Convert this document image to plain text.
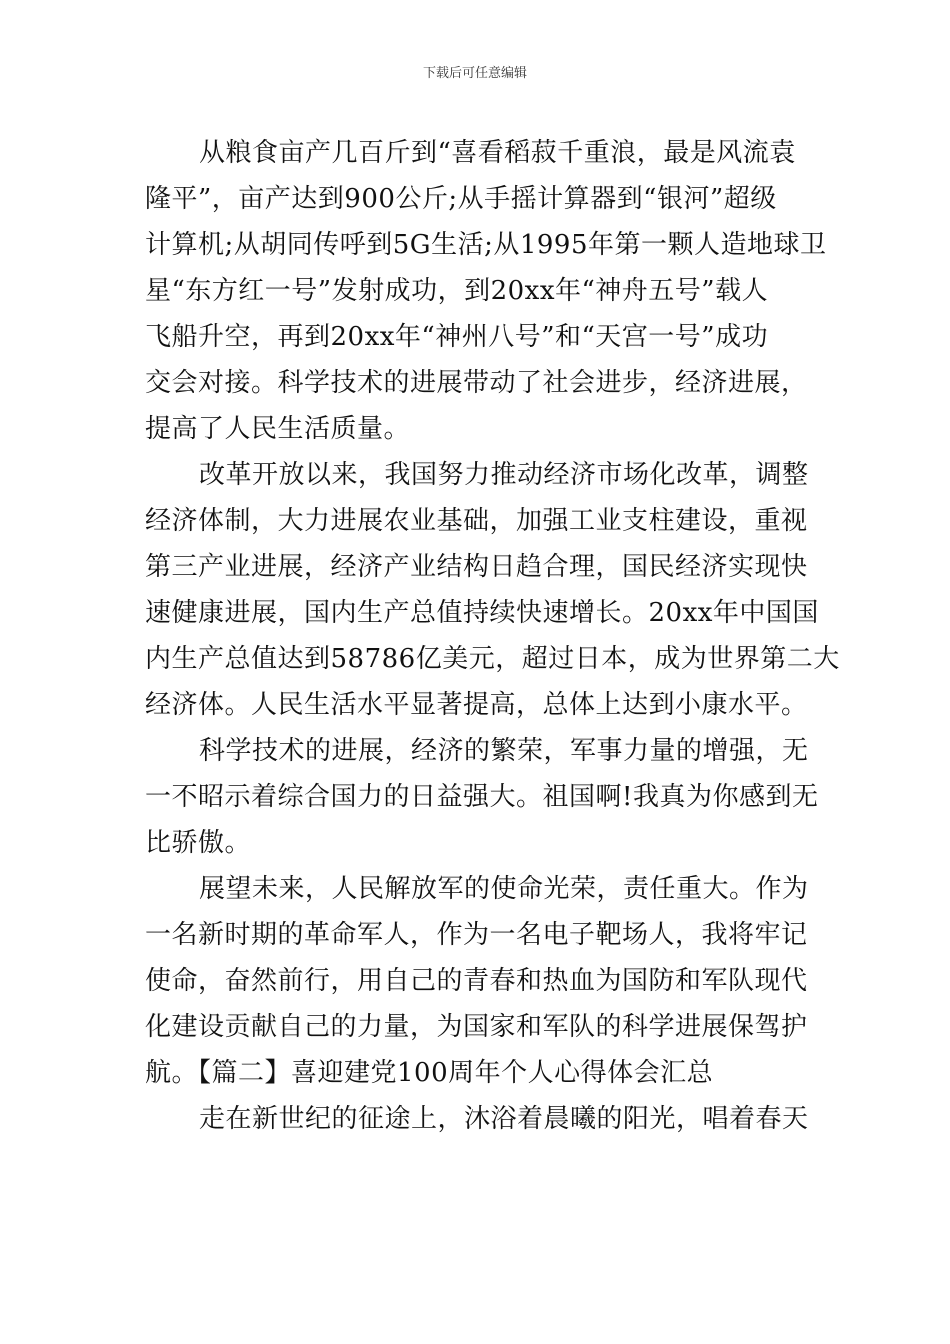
下载后可任意编辑

从粮食亩产几百斤到“喜看稻菽千重浪，最是风流袁
隆平”，亩产达到900公斤;从手摇计算器到“银河”超级
计算机;从胡同传呼到5G生活;从1995年第一颗人造地球卫
星“东方红一号”发射成功，到20xx年“神舟五号”载人
飞船升空，再到20xx年“神州八号”和“天宫一号”成功
交会对接。科学技术的进展带动了社会进步，经济进展，
提高了人民生活质量。

改革开放以来，我国努力推动经济市场化改革，调整
经济体制，大力进展农业基础，加强工业支柱建设，重视
第三产业进展，经济产业结构日趋合理，国民经济实现快
速健康进展，国内生产总值持续快速增长。20xx年中国国
内生产总值达到58786亿美元，超过日本，成为世界第二大
经济体。人民生活水平显著提高，总体上达到小康水平。

科学技术的进展，经济的繁荣，军事力量的增强，无
一不昭示着综合国力的日益强大。祖国啊!我真为你感到无
比骄傲。

展望未来，人民解放军的使命光荣，责任重大。作为
一名新时期的革命军人，作为一名电子靶场人，我将牢记
使命，奋然前行，用自己的青春和热血为国防和军队现代
化建设贡献自己的力量，为国家和军队的科学进展保驾护
航。【篇二】喜迎建党100周年个人心得体会汇总

走在新世纪的征途上，沐浴着晨曦的阳光，唱着春天
